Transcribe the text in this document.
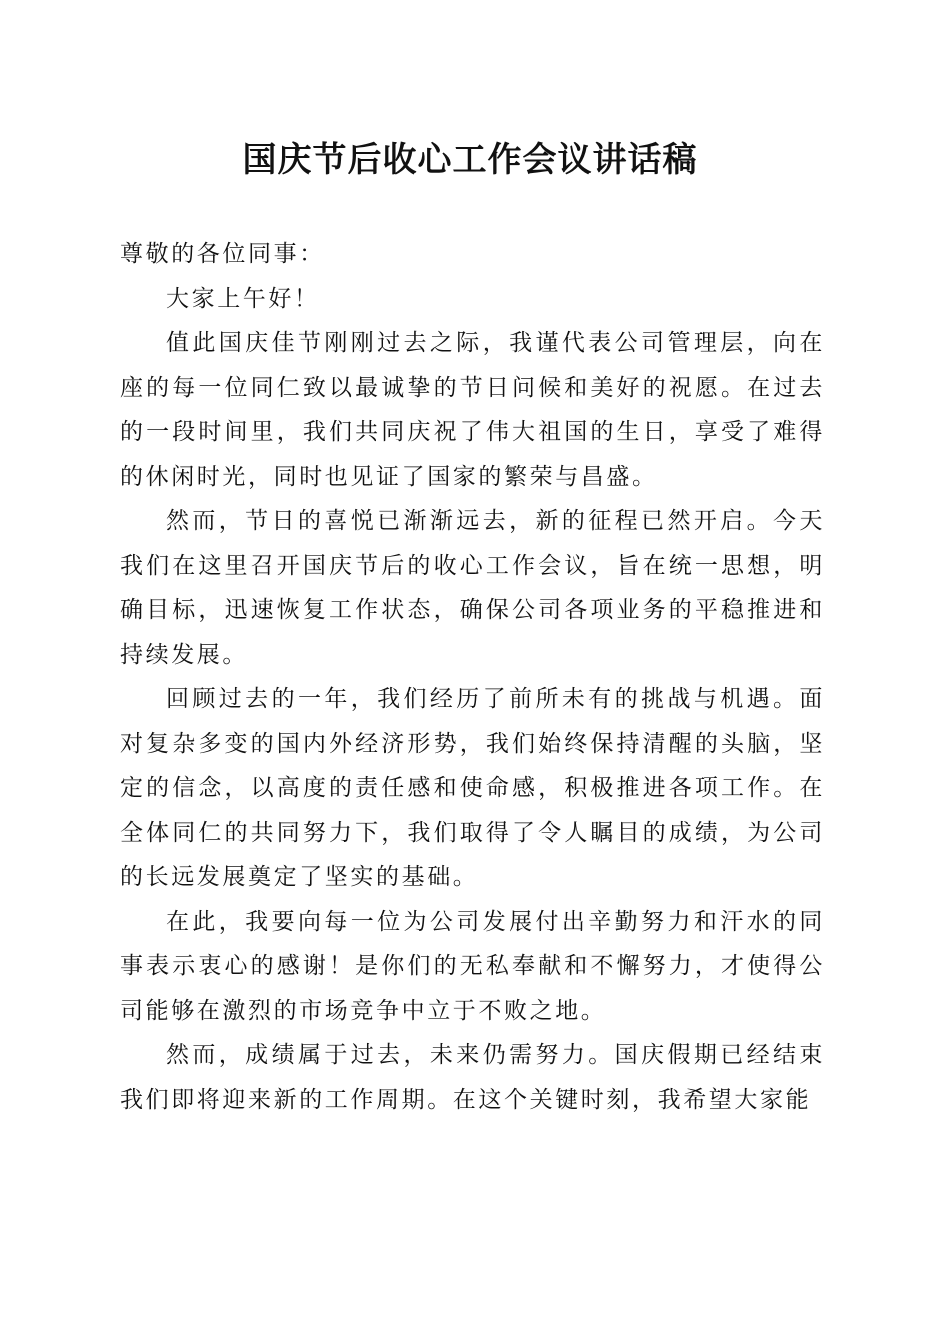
国庆节后收心工作会议讲话稿

尊敬的各位同事：

大家上午好！

值此国庆佳节刚刚过去之际，我谨代表公司管理层，向在座的每一位同仁致以最诚挚的节日问候和美好的祝愿。在过去的一段时间里，我们共同庆祝了伟大祖国的生日，享受了难得的休闲时光，同时也见证了国家的繁荣与昌盛。

然而，节日的喜悦已渐渐远去，新的征程已然开启。今天我们在这里召开国庆节后的收心工作会议，旨在统一思想，明确目标，迅速恢复工作状态，确保公司各项业务的平稳推进和持续发展。

回顾过去的一年，我们经历了前所未有的挑战与机遇。面对复杂多变的国内外经济形势，我们始终保持清醒的头脑，坚定的信念，以高度的责任感和使命感，积极推进各项工作。在全体同仁的共同努力下，我们取得了令人瞩目的成绩，为公司的长远发展奠定了坚实的基础。

在此，我要向每一位为公司发展付出辛勤努力和汗水的同事表示衷心的感谢！是你们的无私奉献和不懈努力，才使得公司能够在激烈的市场竞争中立于不败之地。

然而，成绩属于过去，未来仍需努力。国庆假期已经结束我们即将迎来新的工作周期。在这个关键时刻，我希望大家能
